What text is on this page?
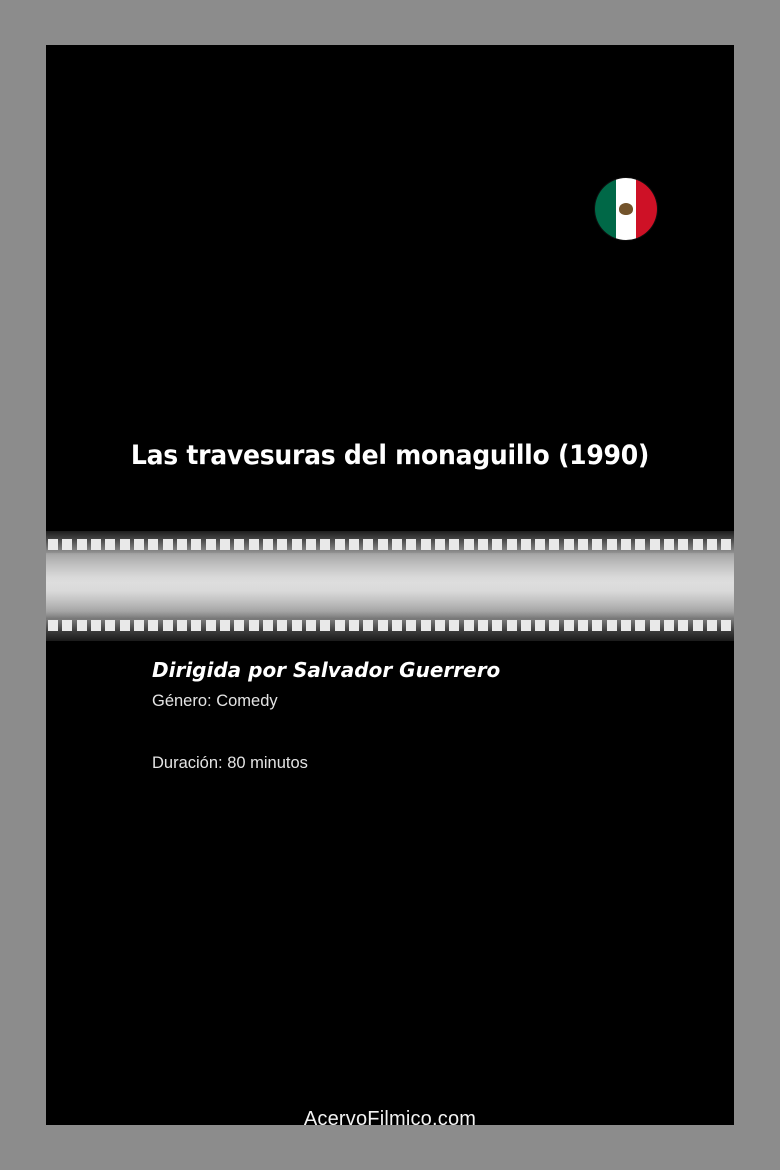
Las travesuras del monaguillo (1990)
Dirigida por Salvador Guerrero
Género: Comedy
Duración: 80 minutos
AcervoFilmico.com
